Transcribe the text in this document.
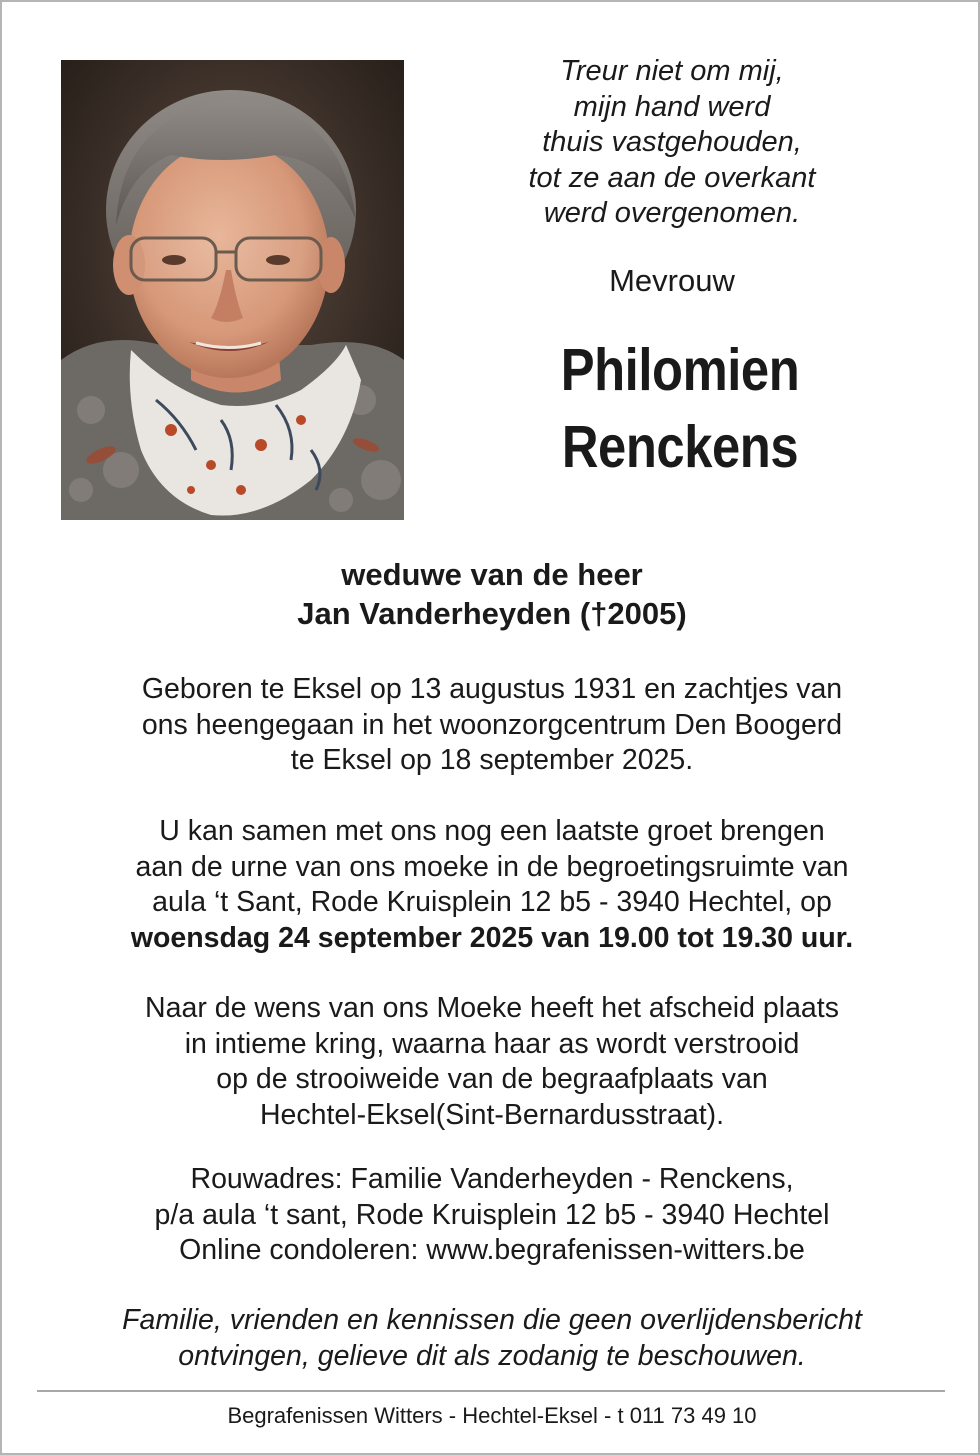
Treur niet om mij,
mijn hand werd
thuis vastgehouden,
tot ze aan de overkant
werd overgenomen.
Mevrouw
Philomien
Renckens
weduwe van de heer
Jan Vanderheyden (†2005)
Geboren te Eksel op 13 augustus 1931 en zachtjes van
ons heengegaan in het woonzorgcentrum Den Boogerd
te Eksel op 18 september 2025.
U kan samen met ons nog een laatste groet brengen
aan de urne van ons moeke in de begroetingsruimte van
aula ‘t Sant, Rode Kruisplein 12 b5 - 3940 Hechtel, op
woensdag 24 september 2025 van 19.00 tot 19.30 uur.
Naar de wens van ons Moeke heeft het afscheid plaats
in intieme kring, waarna haar as wordt verstrooid
op de strooiweide van de begraafplaats van
Hechtel-Eksel(Sint-Bernardusstraat).
Rouwadres: Familie Vanderheyden - Renckens,
p/a aula ‘t sant, Rode Kruisplein 12 b5 - 3940 Hechtel
Online condoleren: www.begrafenissen-witters.be
Familie, vrienden en kennissen die geen overlijdensbericht
ontvingen, gelieve dit als zodanig te beschouwen.
Begrafenissen Witters - Hechtel-Eksel - t 011 73 49 10
